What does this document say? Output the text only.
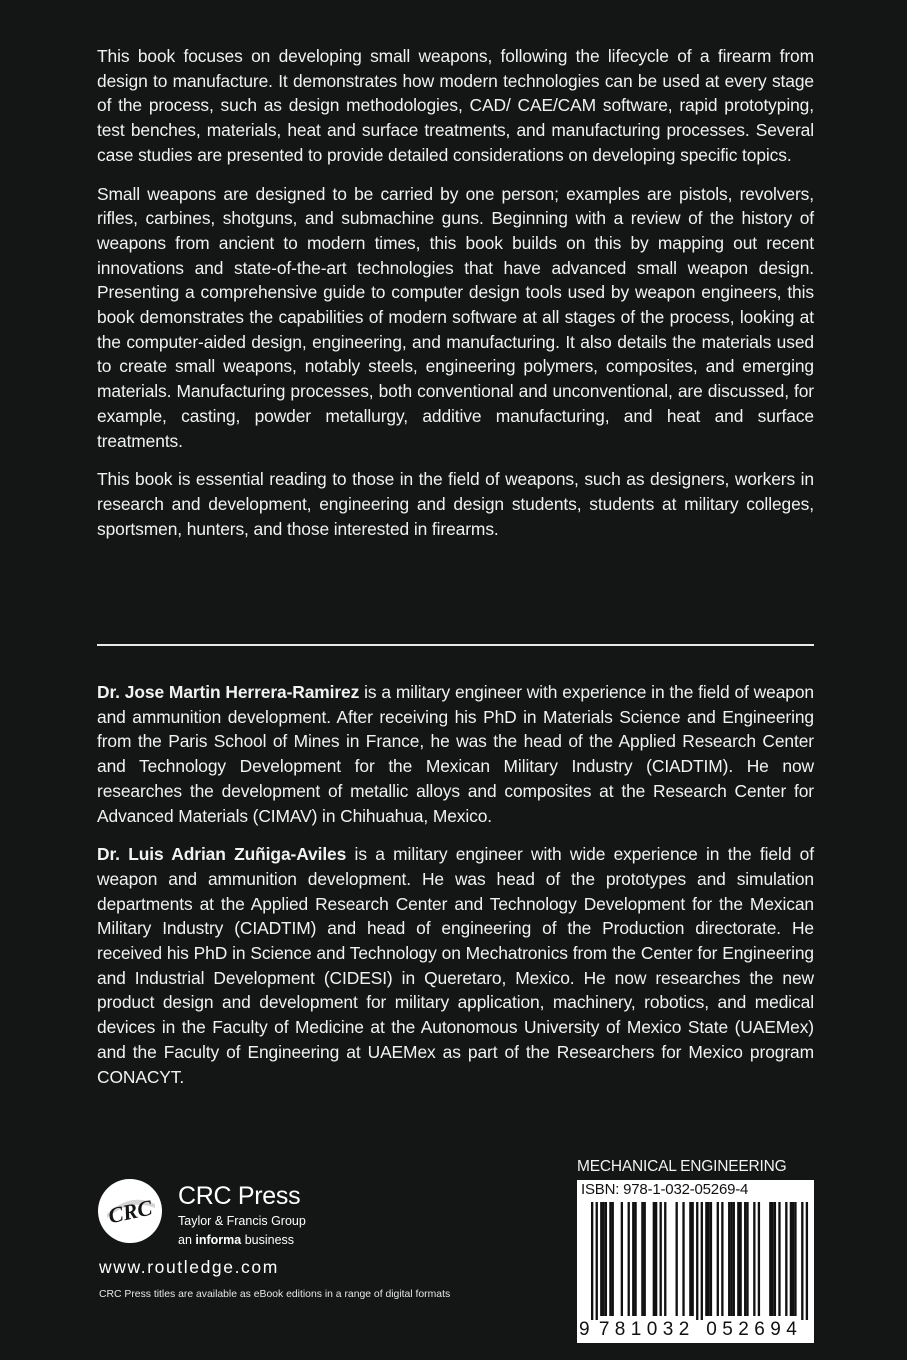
This book focuses on developing small weapons, following the lifecycle of a firearm from design to manufacture. It demonstrates how modern technologies can be used at every stage of the process, such as design methodologies, CAD/ CAE/CAM software, rapid prototyping, test benches, materials, heat and surface treatments, and manufacturing processes. Several case studies are presented to provide detailed considerations on developing specific topics.

Small weapons are designed to be carried by one person; examples are pistols, revolvers, rifles, carbines, shotguns, and submachine guns. Beginning with a review of the history of weapons from ancient to modern times, this book builds on this by mapping out recent innovations and state-of-the-art technologies that have advanced small weapon design. Presenting a comprehensive guide to computer design tools used by weapon engineers, this book demonstrates the capabilities of modern software at all stages of the process, looking at the computer-aided design, engineering, and manufacturing. It also details the materials used to create small weapons, notably steels, engineering polymers, composites, and emerging materials. Manufacturing processes, both conventional and unconventional, are discussed, for example, casting, powder metallurgy, additive manufacturing, and heat and surface treatments.

This book is essential reading to those in the field of weapons, such as designers, workers in research and development, engineering and design students, students at military colleges, sportsmen, hunters, and those interested in firearms.

Dr. Jose Martin Herrera-Ramirez is a military engineer with experience in the field of weapon and ammunition development. After receiving his PhD in Materials Science and Engineering from the Paris School of Mines in France, he was the head of the Applied Research Center and Technology Development for the Mexican Military Industry (CIADTIM). He now researches the development of metallic alloys and composites at the Research Center for Advanced Materials (CIMAV) in Chihuahua, Mexico.

Dr. Luis Adrian Zuñiga-Aviles is a military engineer with wide experience in the field of weapon and ammunition development. He was head of the prototypes and simulation departments at the Applied Research Center and Technology Development for the Mexican Military Industry (CIADTIM) and head of engineering of the Production directorate. He received his PhD in Science and Technology on Mechatronics from the Center for Engineering and Industrial Development (CIDESI) in Queretaro, Mexico. He now researches the new product design and development for military application, machinery, robotics, and medical devices in the Faculty of Medicine at the Autonomous University of Mexico State (UAEMex) and the Faculty of Engineering at UAEMex as part of the Researchers for Mexico program CONACYT.

CRC CRC Press
Taylor & Francis Group
an informa business
www.routledge.com
CRC Press titles are available as eBook editions in a range of digital formats
MECHANICAL ENGINEERING
ISBN: 978-1-032-05269-4
9 7 8 1 0 3 2 0 5 2 6 9 4
